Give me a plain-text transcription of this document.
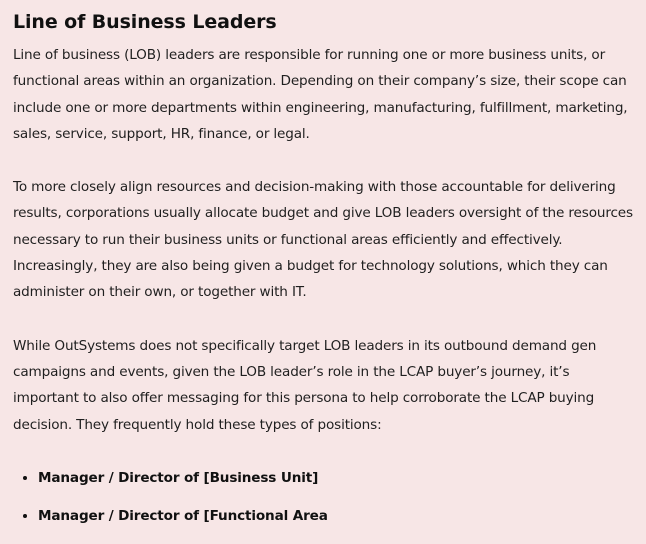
Line of Business Leaders

Line of business (LOB) leaders are responsible for running one or more business units, or functional areas within an organization. Depending on their company’s size, their scope can include one or more departments within engineering, manufacturing, fulfillment, marketing, sales, service, support, HR, finance, or legal.

To more closely align resources and decision-making with those accountable for delivering results, corporations usually allocate budget and give LOB leaders oversight of the resources necessary to run their business units or functional areas efficiently and effectively. Increasingly, they are also being given a budget for technology solutions, which they can administer on their own, or together with IT.

While OutSystems does not specifically target LOB leaders in its outbound demand gen campaigns and events, given the LOB leader’s role in the LCAP buyer’s journey, it’s important to also offer messaging for this persona to help corroborate the LCAP buying decision. They frequently hold these types of positions:

• Manager / Director of [Business Unit]
• Manager / Director of [Functional Area
